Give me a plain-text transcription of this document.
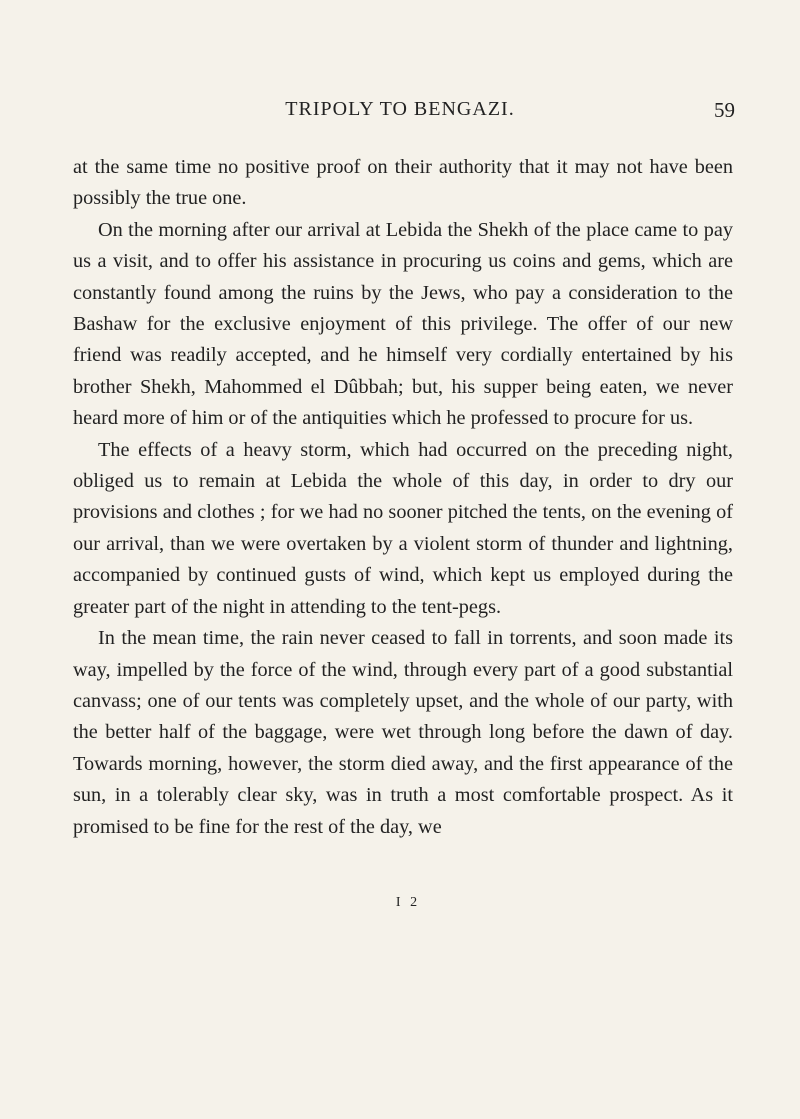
TRIPOLY TO BENGAZI.	59

at the same time no positive proof on their authority that it may not have been possibly the true one.

On the morning after our arrival at Lebida the Shekh of the place came to pay us a visit, and to offer his assistance in procuring us coins and gems, which are constantly found among the ruins by the Jews, who pay a consideration to the Bashaw for the exclusive enjoyment of this privilege. The offer of our new friend was readily accepted, and he himself very cordially entertained by his brother Shekh, Mahommed el Dûbbah; but, his supper being eaten, we never heard more of him or of the antiquities which he professed to procure for us.

The effects of a heavy storm, which had occurred on the preceding night, obliged us to remain at Lebida the whole of this day, in order to dry our provisions and clothes ; for we had no sooner pitched the tents, on the evening of our arrival, than we were overtaken by a violent storm of thunder and lightning, accompanied by continued gusts of wind, which kept us employed during the greater part of the night in attending to the tent-pegs.

In the mean time, the rain never ceased to fall in torrents, and soon made its way, impelled by the force of the wind, through every part of a good substantial canvass; one of our tents was completely upset, and the whole of our party, with the better half of the baggage, were wet through long before the dawn of day. Towards morning, however, the storm died away, and the first appearance of the sun, in a tolerably clear sky, was in truth a most comfortable prospect. As it promised to be fine for the rest of the day, we

I 2
